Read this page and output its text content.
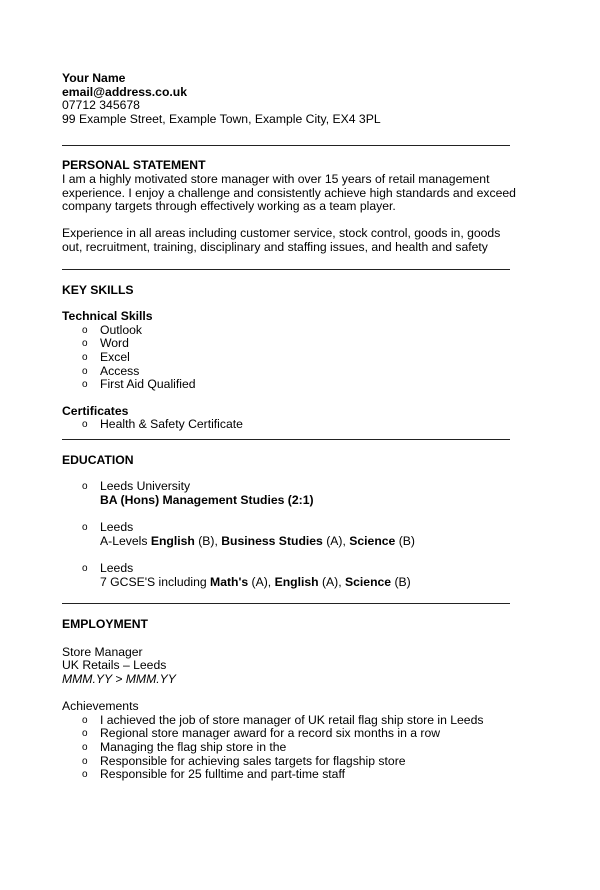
Your Name
email@address.co.uk
07712 345678
99 Example Street, Example Town, Example City, EX4 3PL
PERSONAL STATEMENT
I am a highly motivated store manager with over 15 years of retail management
experience. I enjoy a challenge and consistently achieve high standards and exceed
company targets through effectively working as a team player.
Experience in all areas including customer service, stock control, goods in, goods
out, recruitment, training, disciplinary and staffing issues, and health and safety
KEY SKILLS
Technical Skills
o Outlook
o Word
o Excel
o Access
o First Aid Qualified
Certificates
o Health & Safety Certificate
EDUCATION
o Leeds University
BA (Hons) Management Studies (2:1)
o Leeds
A-Levels English (B), Business Studies (A), Science (B)
o Leeds
7 GCSE'S including Math's (A), English (A), Science (B)
EMPLOYMENT
Store Manager
UK Retails – Leeds
MMM.YY > MMM.YY
Achievements
o I achieved the job of store manager of UK retail flag ship store in Leeds
o Regional store manager award for a record six months in a row
o Managing the flag ship store in the
o Responsible for achieving sales targets for flagship store
o Responsible for 25 fulltime and part-time staff
